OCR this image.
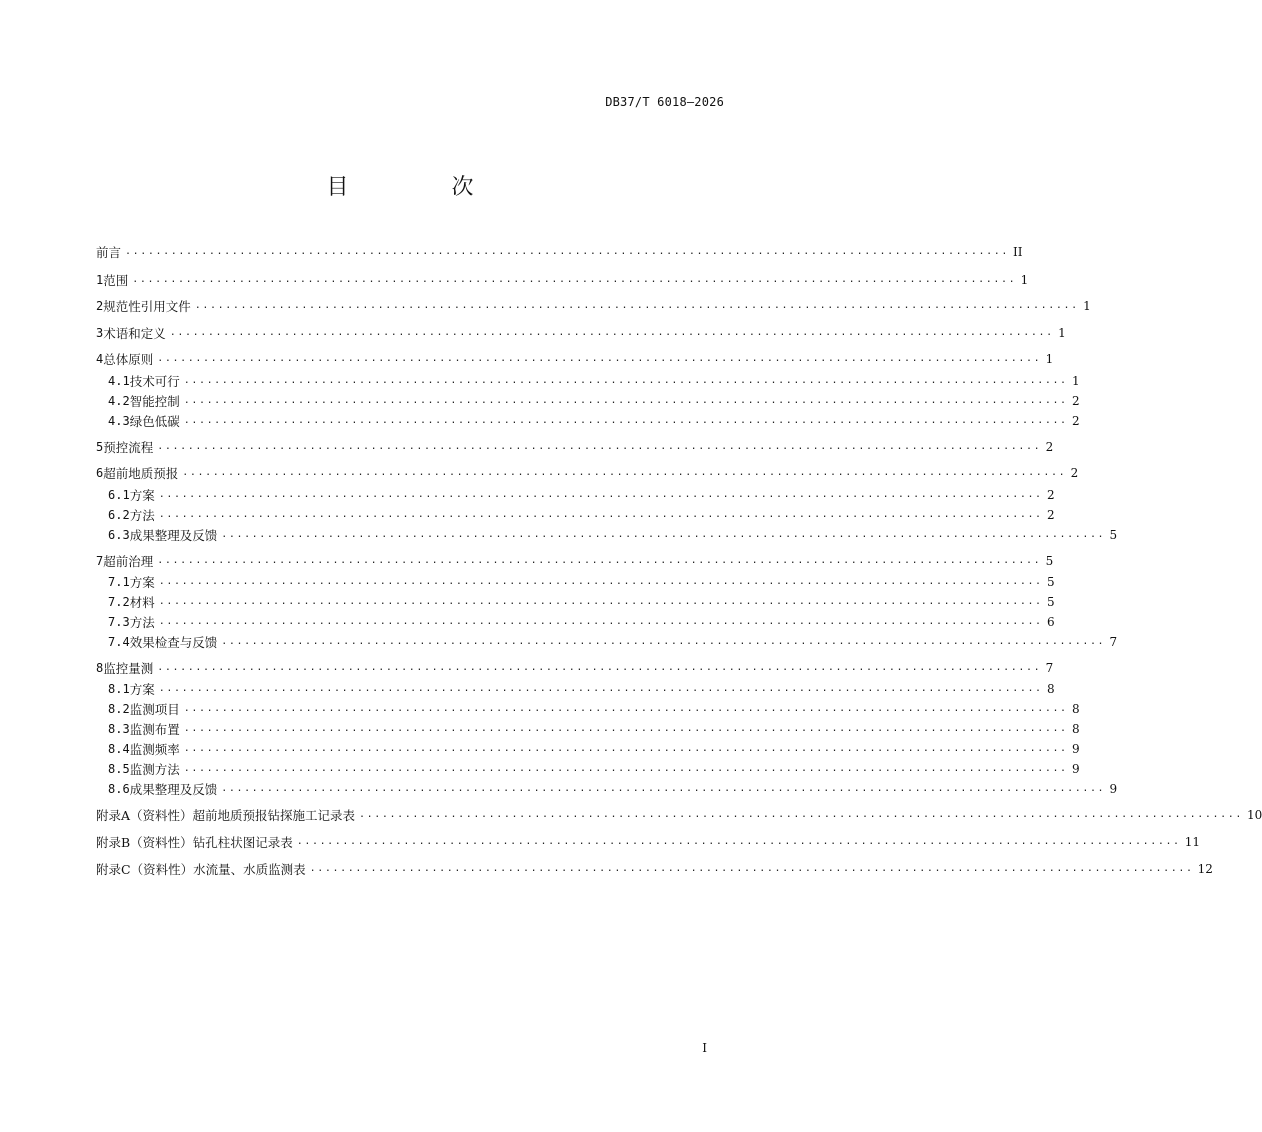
DB37/T 6018—2026
目 次
前言 .................................................................................................................... II
1 范围 .................................................................................................................... 1
2 规范性引用文件 .................................................................................................................... 1
3 术语和定义 .................................................................................................................... 1
4 总体原则 .................................................................................................................... 1
4.1 技术可行 .................................................................................................................... 1
4.2 智能控制 .................................................................................................................... 2
4.3 绿色低碳 .................................................................................................................... 2
5 预控流程 .................................................................................................................... 2
6 超前地质预报 .................................................................................................................... 2
6.1 方案 .................................................................................................................... 2
6.2 方法 .................................................................................................................... 2
6.3 成果整理及反馈 .................................................................................................................... 5
7 超前治理 .................................................................................................................... 5
7.1 方案 .................................................................................................................... 5
7.2 材料 .................................................................................................................... 5
7.3 方法 .................................................................................................................... 6
7.4 效果检查与反馈 .................................................................................................................... 7
8 监控量测 .................................................................................................................... 7
8.1 方案 .................................................................................................................... 8
8.2 监测项目 .................................................................................................................... 8
8.3 监测布置 .................................................................................................................... 8
8.4 监测频率 .................................................................................................................... 9
8.5 监测方法 .................................................................................................................... 9
8.6 成果整理及反馈 .................................................................................................................... 9
附录A（资料性） 超前地质预报钻探施工记录表 .................................................................................................................... 10
附录B（资料性） 钻孔柱状图记录表 .................................................................................................................... 11
附录C（资料性） 水流量、水质监测表 .................................................................................................................... 12
I
